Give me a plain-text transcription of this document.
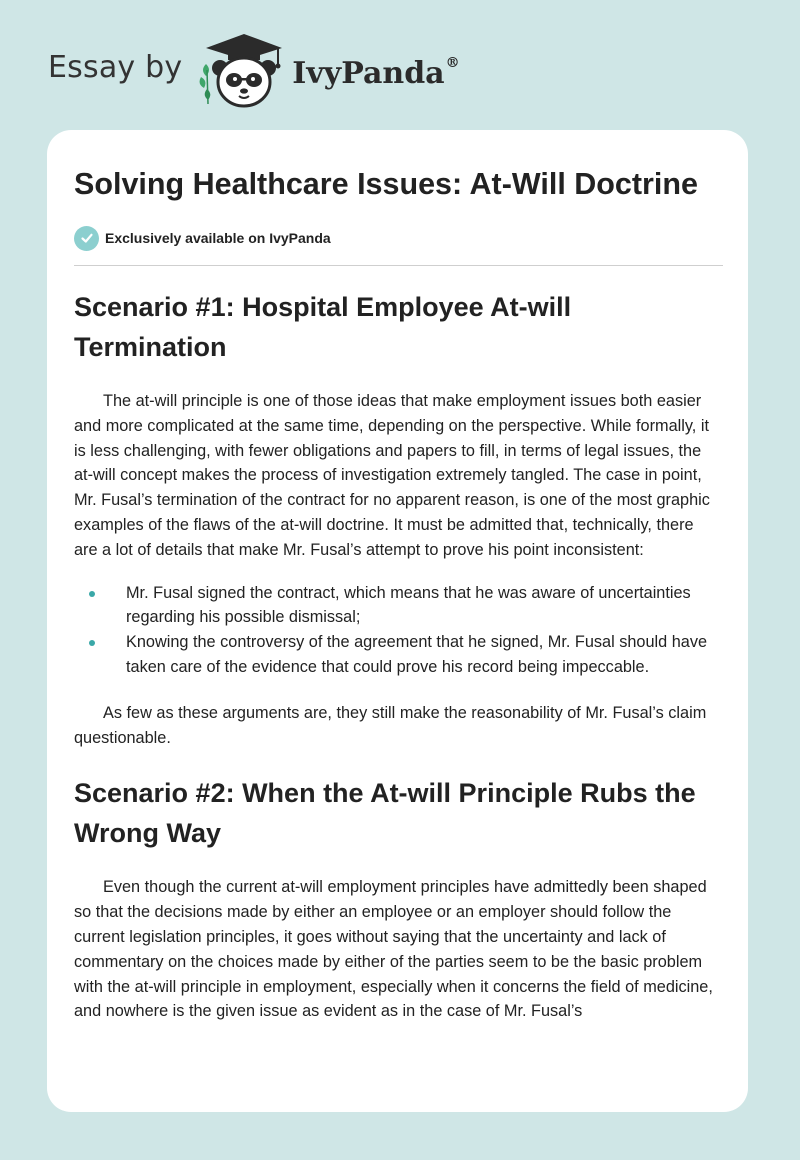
Essay by	IvyPanda®
Solving Healthcare Issues: At-Will Doctrine
Exclusively available on IvyPanda
Scenario #1: Hospital Employee At-will Termination

The at-will principle is one of those ideas that make employment issues both easier and more complicated at the same time, depending on the perspective. While formally, it is less challenging, with fewer obligations and papers to fill, in terms of legal issues, the at-will concept makes the process of investigation extremely tangled. The case in point, Mr. Fusal’s termination of the contract for no apparent reason, is one of the most graphic examples of the flaws of the at-will doctrine. It must be admitted that, technically, there are a lot of details that make Mr. Fusal’s attempt to prove his point inconsistent:

Mr. Fusal signed the contract, which means that he was aware of uncertainties regarding his possible dismissal;
Knowing the controversy of the agreement that he signed, Mr. Fusal should have taken care of the evidence that could prove his record being impeccable.

As few as these arguments are, they still make the reasonability of Mr. Fusal’s claim questionable.

Scenario #2: When the At-will Principle Rubs the Wrong Way

Even though the current at-will employment principles have admittedly been shaped so that the decisions made by either an employee or an employer should follow the current legislation principles, it goes without saying that the uncertainty and lack of commentary on the choices made by either of the parties seem to be the basic problem with the at-will principle in employment, especially when it concerns the field of medicine, and nowhere is the given issue as evident as in the case of Mr. Fusal’s
